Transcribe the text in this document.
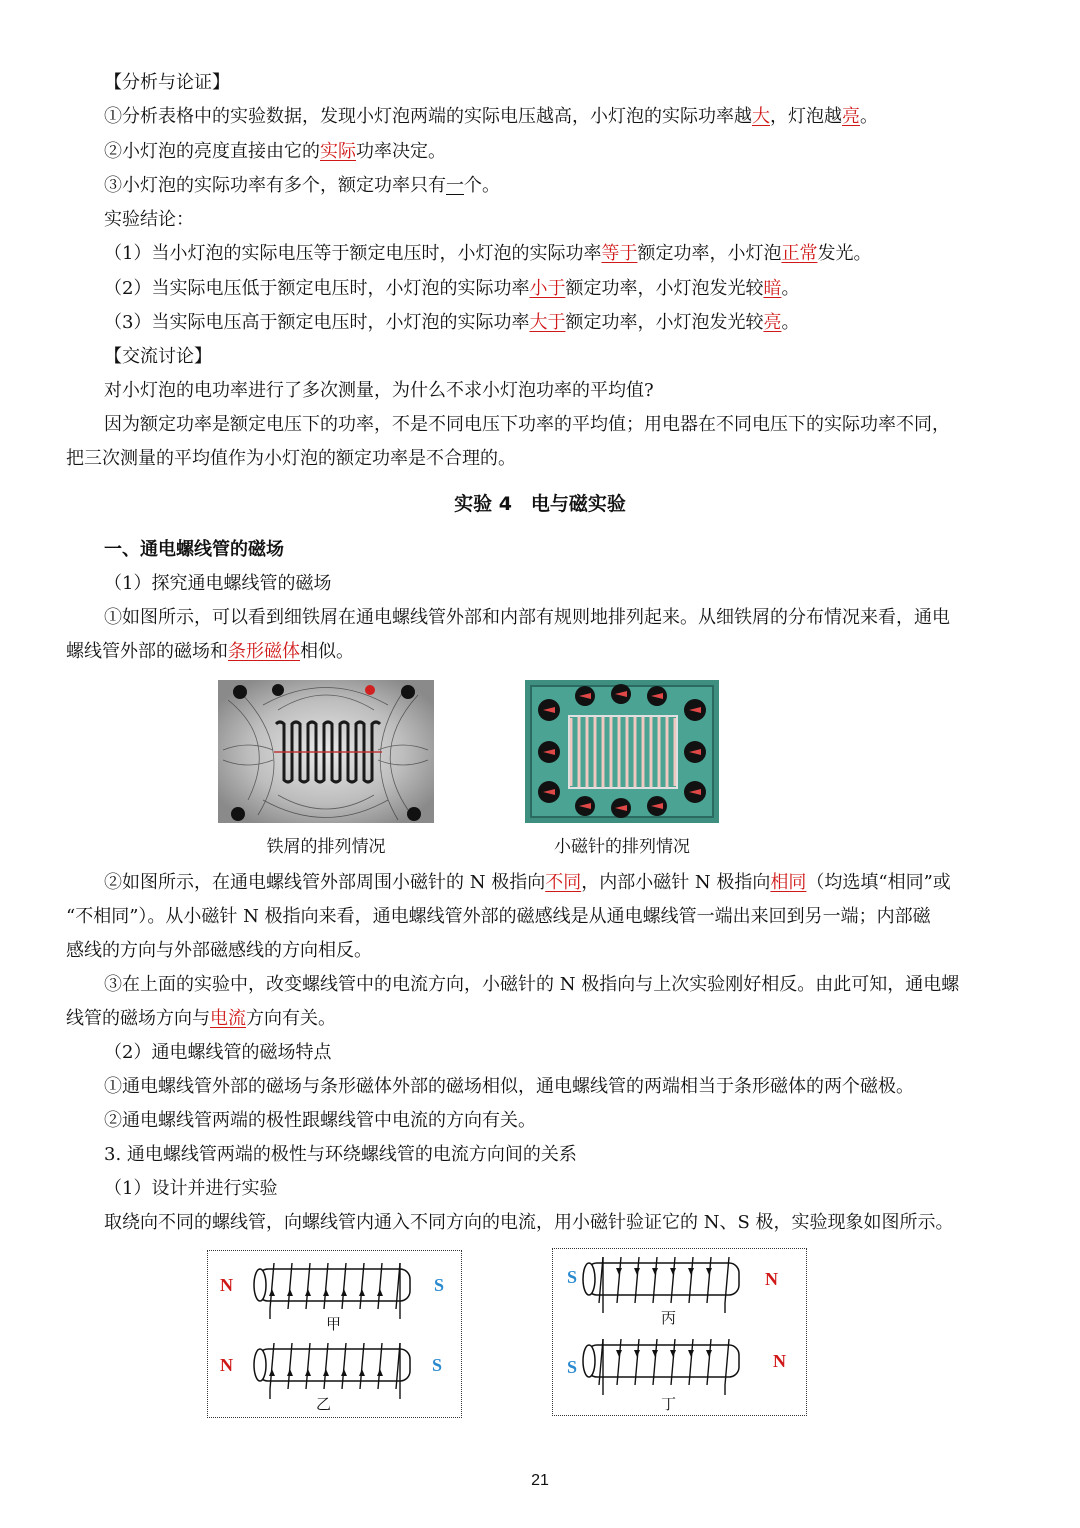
【分析与论证】
①分析表格中的实验数据，发现小灯泡两端的实际电压越高，小灯泡的实际功率越大，灯泡越亮。
②小灯泡的亮度直接由它的实际功率决定。
③小灯泡的实际功率有多个，额定功率只有一个。
实验结论：
（1）当小灯泡的实际电压等于额定电压时，小灯泡的实际功率等于额定功率，小灯泡正常发光。
（2）当实际电压低于额定电压时，小灯泡的实际功率小于额定功率，小灯泡发光较暗。
（3）当实际电压高于额定电压时，小灯泡的实际功率大于额定功率，小灯泡发光较亮。
【交流讨论】
对小灯泡的电功率进行了多次测量，为什么不求小灯泡功率的平均值?
因为额定功率是额定电压下的功率，不是不同电压下功率的平均值；用电器在不同电压下的实际功率不同，
把三次测量的平均值作为小灯泡的额定功率是不合理的。
实验 4　电与磁实验
一、通电螺线管的磁场
（1）探究通电螺线管的磁场
①如图所示，可以看到细铁屑在通电螺线管外部和内部有规则地排列起来。从细铁屑的分布情况来看，通电
螺线管外部的磁场和条形磁体相似。
铁屑的排列情况	小磁针的排列情况
②如图所示，在通电螺线管外部周围小磁针的 N 极指向不同，内部小磁针 N 极指向相同（均选填“相同”或
“不相同”）。从小磁针 N 极指向来看，通电螺线管外部的磁感线是从通电螺线管一端出来回到另一端；内部磁
感线的方向与外部磁感线的方向相反。
③在上面的实验中，改变螺线管中的电流方向，小磁针的 N 极指向与上次实验刚好相反。由此可知，通电螺
线管的磁场方向与电流方向有关。
（2）通电螺线管的磁场特点
①通电螺线管外部的磁场与条形磁体外部的磁场相似，通电螺线管的两端相当于条形磁体的两个磁极。
②通电螺线管两端的极性跟螺线管中电流的方向有关。
3. 通电螺线管两端的极性与环绕螺线管的电流方向间的关系
（1）设计并进行实验
取绕向不同的螺线管，向螺线管内通入不同方向的电流，用小磁针验证它的 N、S 极，实验现象如图所示。
N	S
甲
N	S
乙
S	N
丙
S	N
丁
21
